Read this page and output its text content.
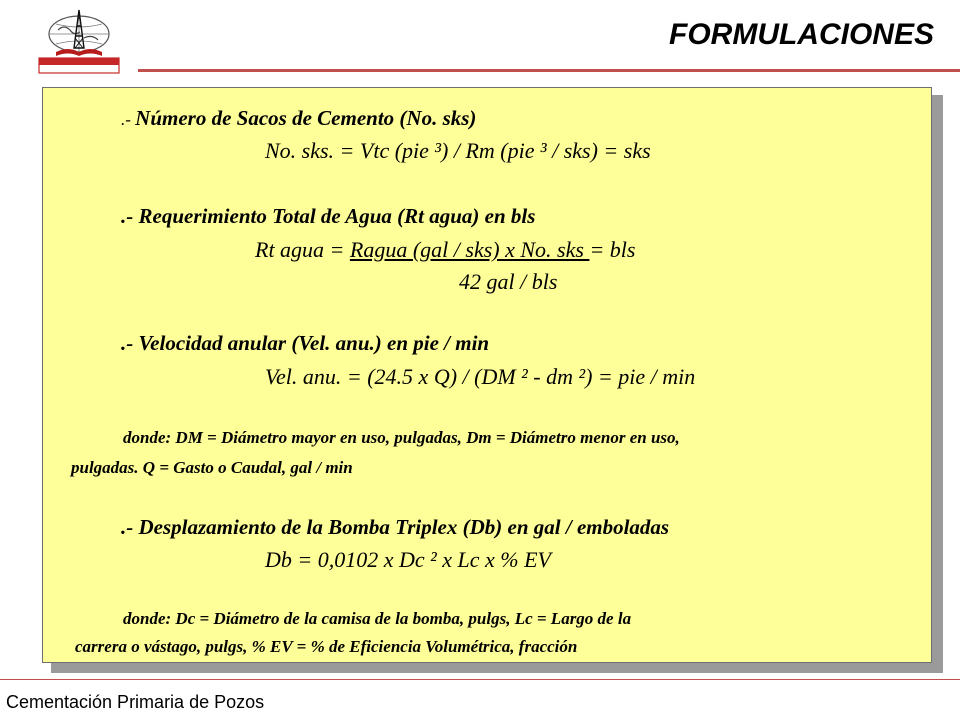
FORMULACIONES
.- Número de Sacos de Cemento (No. sks)
No. sks. = Vtc (pie ³) / Rm (pie ³ / sks) = sks
.- Requerimiento Total de Agua (Rt agua) en bls
Rt agua = Ragua (gal / sks) x No. sks = bls
42 gal / bls
.- Velocidad anular (Vel. anu.) en pie / min
Vel. anu. = (24.5 x Q) / (DM ² - dm ²) = pie / min
donde: DM = Diámetro mayor en uso, pulgadas, Dm = Diámetro menor en uso,
pulgadas. Q = Gasto o Caudal, gal / min
.- Desplazamiento de la Bomba Triplex (Db) en gal / emboladas
Db = 0,0102 x Dc ² x Lc x % EV
donde: Dc = Diámetro de la camisa de la bomba, pulgs, Lc = Largo de la
carrera o vástago, pulgs, % EV = % de Eficiencia Volumétrica, fracción
Cementación Primaria de Pozos
